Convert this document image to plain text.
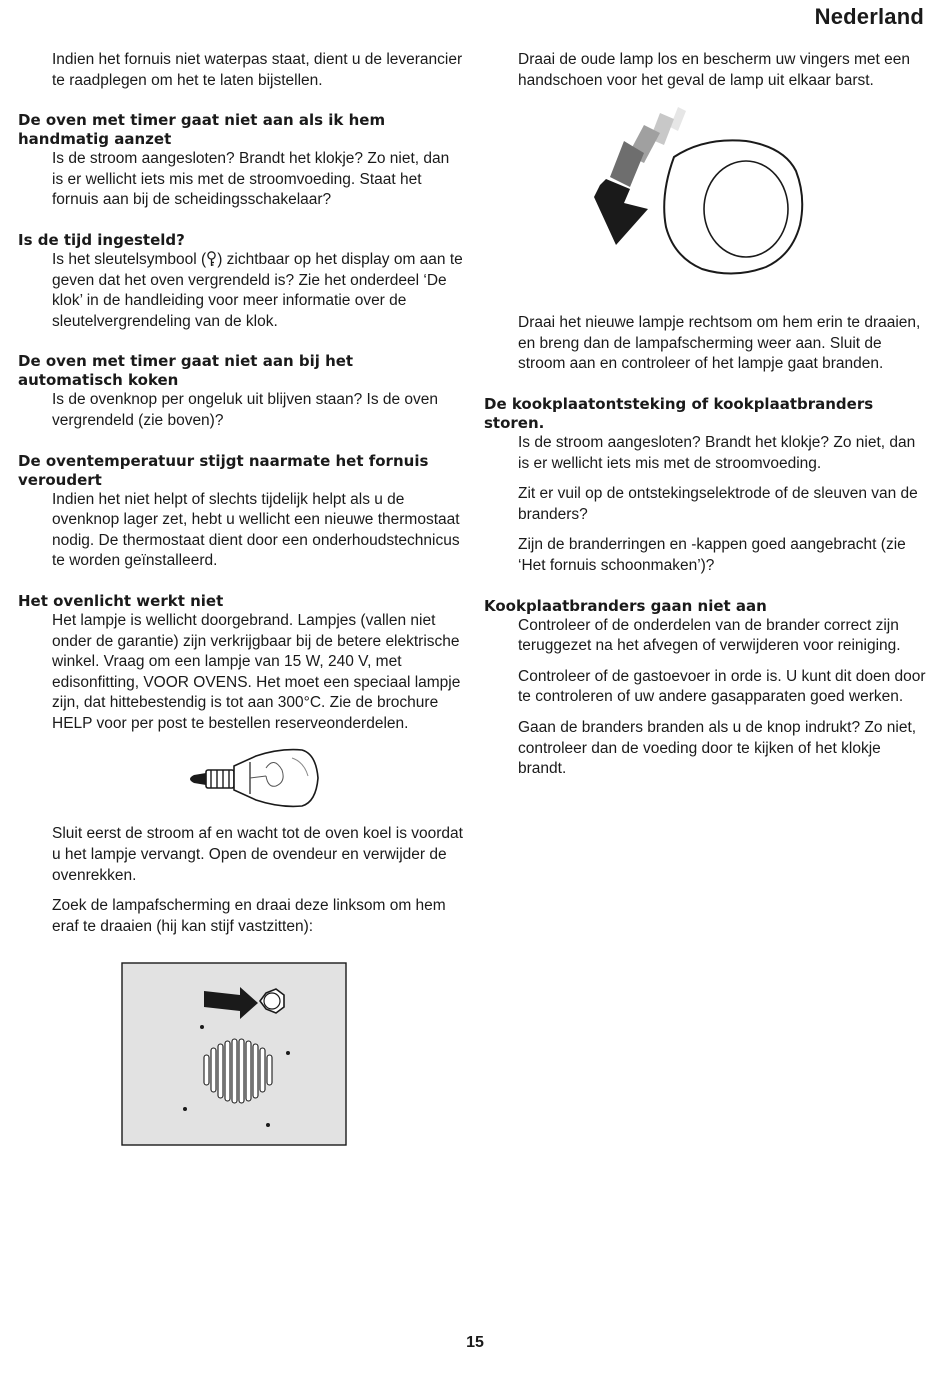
Nederland

Indien het fornuis niet waterpas staat, dient u de leverancier te raadplegen om het te laten bijstellen.

De oven met timer gaat niet aan als ik hem handmatig aanzet

Is de stroom aangesloten? Brandt het klokje? Zo niet, dan is er wellicht iets mis met de stroomvoeding. Staat het fornuis aan bij de scheidingsschakelaar?

Is de tijd ingesteld?

Is het sleutelsymbool ( ) zichtbaar op het display om aan te geven dat het oven vergrendeld is? Zie het onderdeel ‘De klok’ in de handleiding voor meer informatie over de sleutelvergrendeling van de klok.

De oven met timer gaat niet aan bij het automatisch koken

Is de ovenknop per ongeluk uit blijven staan? Is de oven vergrendeld (zie boven)?

De oventemperatuur stijgt naarmate het fornuis veroudert

Indien het niet helpt of slechts tijdelijk helpt als u de ovenknop lager zet, hebt u wellicht een nieuwe thermostaat nodig. De thermostaat dient door een onderhoudstechnicus te worden geïnstalleerd.

Het ovenlicht werkt niet

Het lampje is wellicht doorgebrand. Lampjes (vallen niet onder de garantie) zijn verkrijgbaar bij de betere elektrische winkel. Vraag om een lampje van 15 W, 240 V, met edisonfitting, VOOR OVENS. Het moet een speciaal lampje zijn, dat hittebestendig is tot aan 300°C. Zie de brochure HELP voor per post te bestellen reserveonderdelen.

Sluit eerst de stroom af en wacht tot de oven koel is voordat u het lampje vervangt. Open de ovendeur en verwijder de ovenrekken.

Zoek de lampafscherming en draai deze linksom om hem eraf te draaien (hij kan stijf vastzitten):

Draai de oude lamp los en bescherm uw vingers met een handschoen voor het geval de lamp uit elkaar barst.

Draai het nieuwe lampje rechtsom om hem erin te draaien, en breng dan de lampafscherming weer aan. Sluit de stroom aan en controleer of het lampje gaat branden.

De kookplaatontsteking of kookplaatbranders storen.

Is de stroom aangesloten? Brandt het klokje? Zo niet, dan is er wellicht iets mis met de stroomvoeding.

Zit er vuil op de ontstekingselektrode of de sleuven van de branders?

Zijn de branderringen en -kappen goed aangebracht (zie ‘Het fornuis schoonmaken’)?

Kookplaatbranders gaan niet aan

Controleer of de onderdelen van de brander correct zijn teruggezet na het afvegen of verwijderen voor reiniging.

Controleer of de gastoevoer in orde is. U kunt dit doen door te controleren of uw andere gasapparaten goed werken.

Gaan de branders branden als u de knop indrukt? Zo niet, controleer dan de voeding door te kijken of het klokje brandt.

15
